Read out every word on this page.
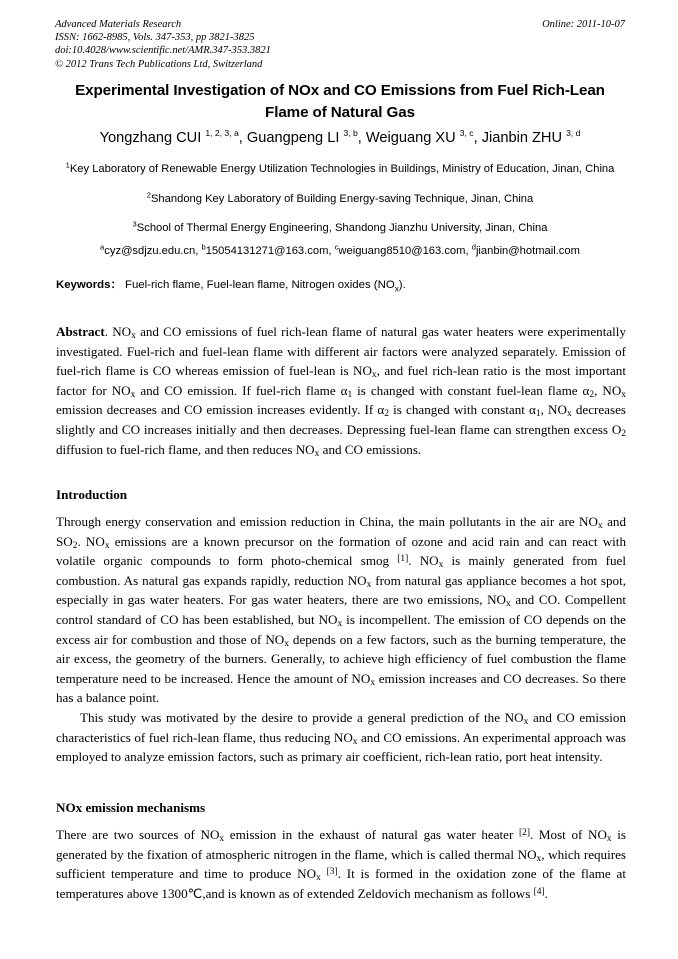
Advanced Materials Research
ISSN: 1662-8985, Vols. 347-353, pp 3821-3825
doi:10.4028/www.scientific.net/AMR.347-353.3821
© 2012 Trans Tech Publications Ltd, Switzerland
Online: 2011-10-07
Experimental Investigation of NOx and CO Emissions from Fuel Rich-Lean Flame of Natural Gas
Yongzhang CUI $^{1, 2, 3, a}$, Guangpeng LI $^{3, b}$, Weiguang XU $^{3, c}$, Jianbin ZHU $^{3, d}$
$^1$Key Laboratory of Renewable Energy Utilization Technologies in Buildings, Ministry of Education, Jinan, China
$^2$Shandong Key Laboratory of Building Energy-saving Technique, Jinan, China
$^3$School of Thermal Energy Engineering, Shandong Jianzhu University, Jinan, China
$^a$cyz@sdjzu.edu.cn, $^b$15054131271@163.com, $^c$weiguang8510@163.com, $^d$jianbin@hotmail.com
Keywords： Fuel-rich flame, Fuel-lean flame, Nitrogen oxides $(NO_x)$.
Abstract. $NO_x$ and CO emissions of fuel rich-lean flame of natural gas water heaters were experimentally investigated. Fuel-rich and fuel-lean flame with different air factors were analyzed separately. Emission of fuel-rich flame is CO whereas emission of fuel-lean is $NO_x$, and fuel rich-lean ratio is the most important factor for $NO_x$ and CO emission. If fuel-rich flame $\alpha_1$ is changed with constant fuel-lean flame $\alpha_2$, $NO_x$ emission decreases and CO emission increases evidently. If $\alpha_2$ is changed with constant $\alpha_1$, $NO_x$ decreases slightly and CO increases initially and then decreases. Depressing fuel-lean flame can strengthen excess $O_2$ diffusion to fuel-rich flame, and then reduces $NO_x$ and CO emissions.
Introduction
Through energy conservation and emission reduction in China, the main pollutants in the air are $NO_x$ and $SO_2$. $NO_x$ emissions are a known precursor on the formation of ozone and acid rain and can react with volatile organic compounds to form photo-chemical smog [1]. $NO_x$ is mainly generated from fuel combustion. As natural gas expands rapidly, reduction $NO_x$ from natural gas appliance becomes a hot spot, especially in gas water heaters. For gas water heaters, there are two emissions, $NO_x$ and CO. Compellent control standard of CO has been established, but $NO_x$ is incompellent. The emission of CO depends on the excess air for combustion and those of $NO_x$ depends on a few factors, such as the burning temperature, the air excess, the geometry of the burners. Generally, to achieve high efficiency of fuel combustion the flame temperature need to be increased. Hence the amount of $NO_x$ emission increases and CO decreases. So there has a balance point.
This study was motivated by the desire to provide a general prediction of the $NO_x$ and CO emission characteristics of fuel rich-lean flame, thus reducing $NO_x$ and CO emissions. An experimental approach was employed to analyze emission factors, such as primary air coefficient, rich-lean ratio, port heat intensity.
NOx emission mechanisms
There are two sources of $NO_x$ emission in the exhaust of natural gas water heater [2]. Most of $NO_x$ is generated by the fixation of atmospheric nitrogen in the flame, which is called thermal $NO_x$, which requires sufficient temperature and time to produce $NO_x$ [3]. It is formed in the oxidation zone of the flame at temperatures above 1300℃,and is known as of extended Zeldovich mechanism as follows [4].
